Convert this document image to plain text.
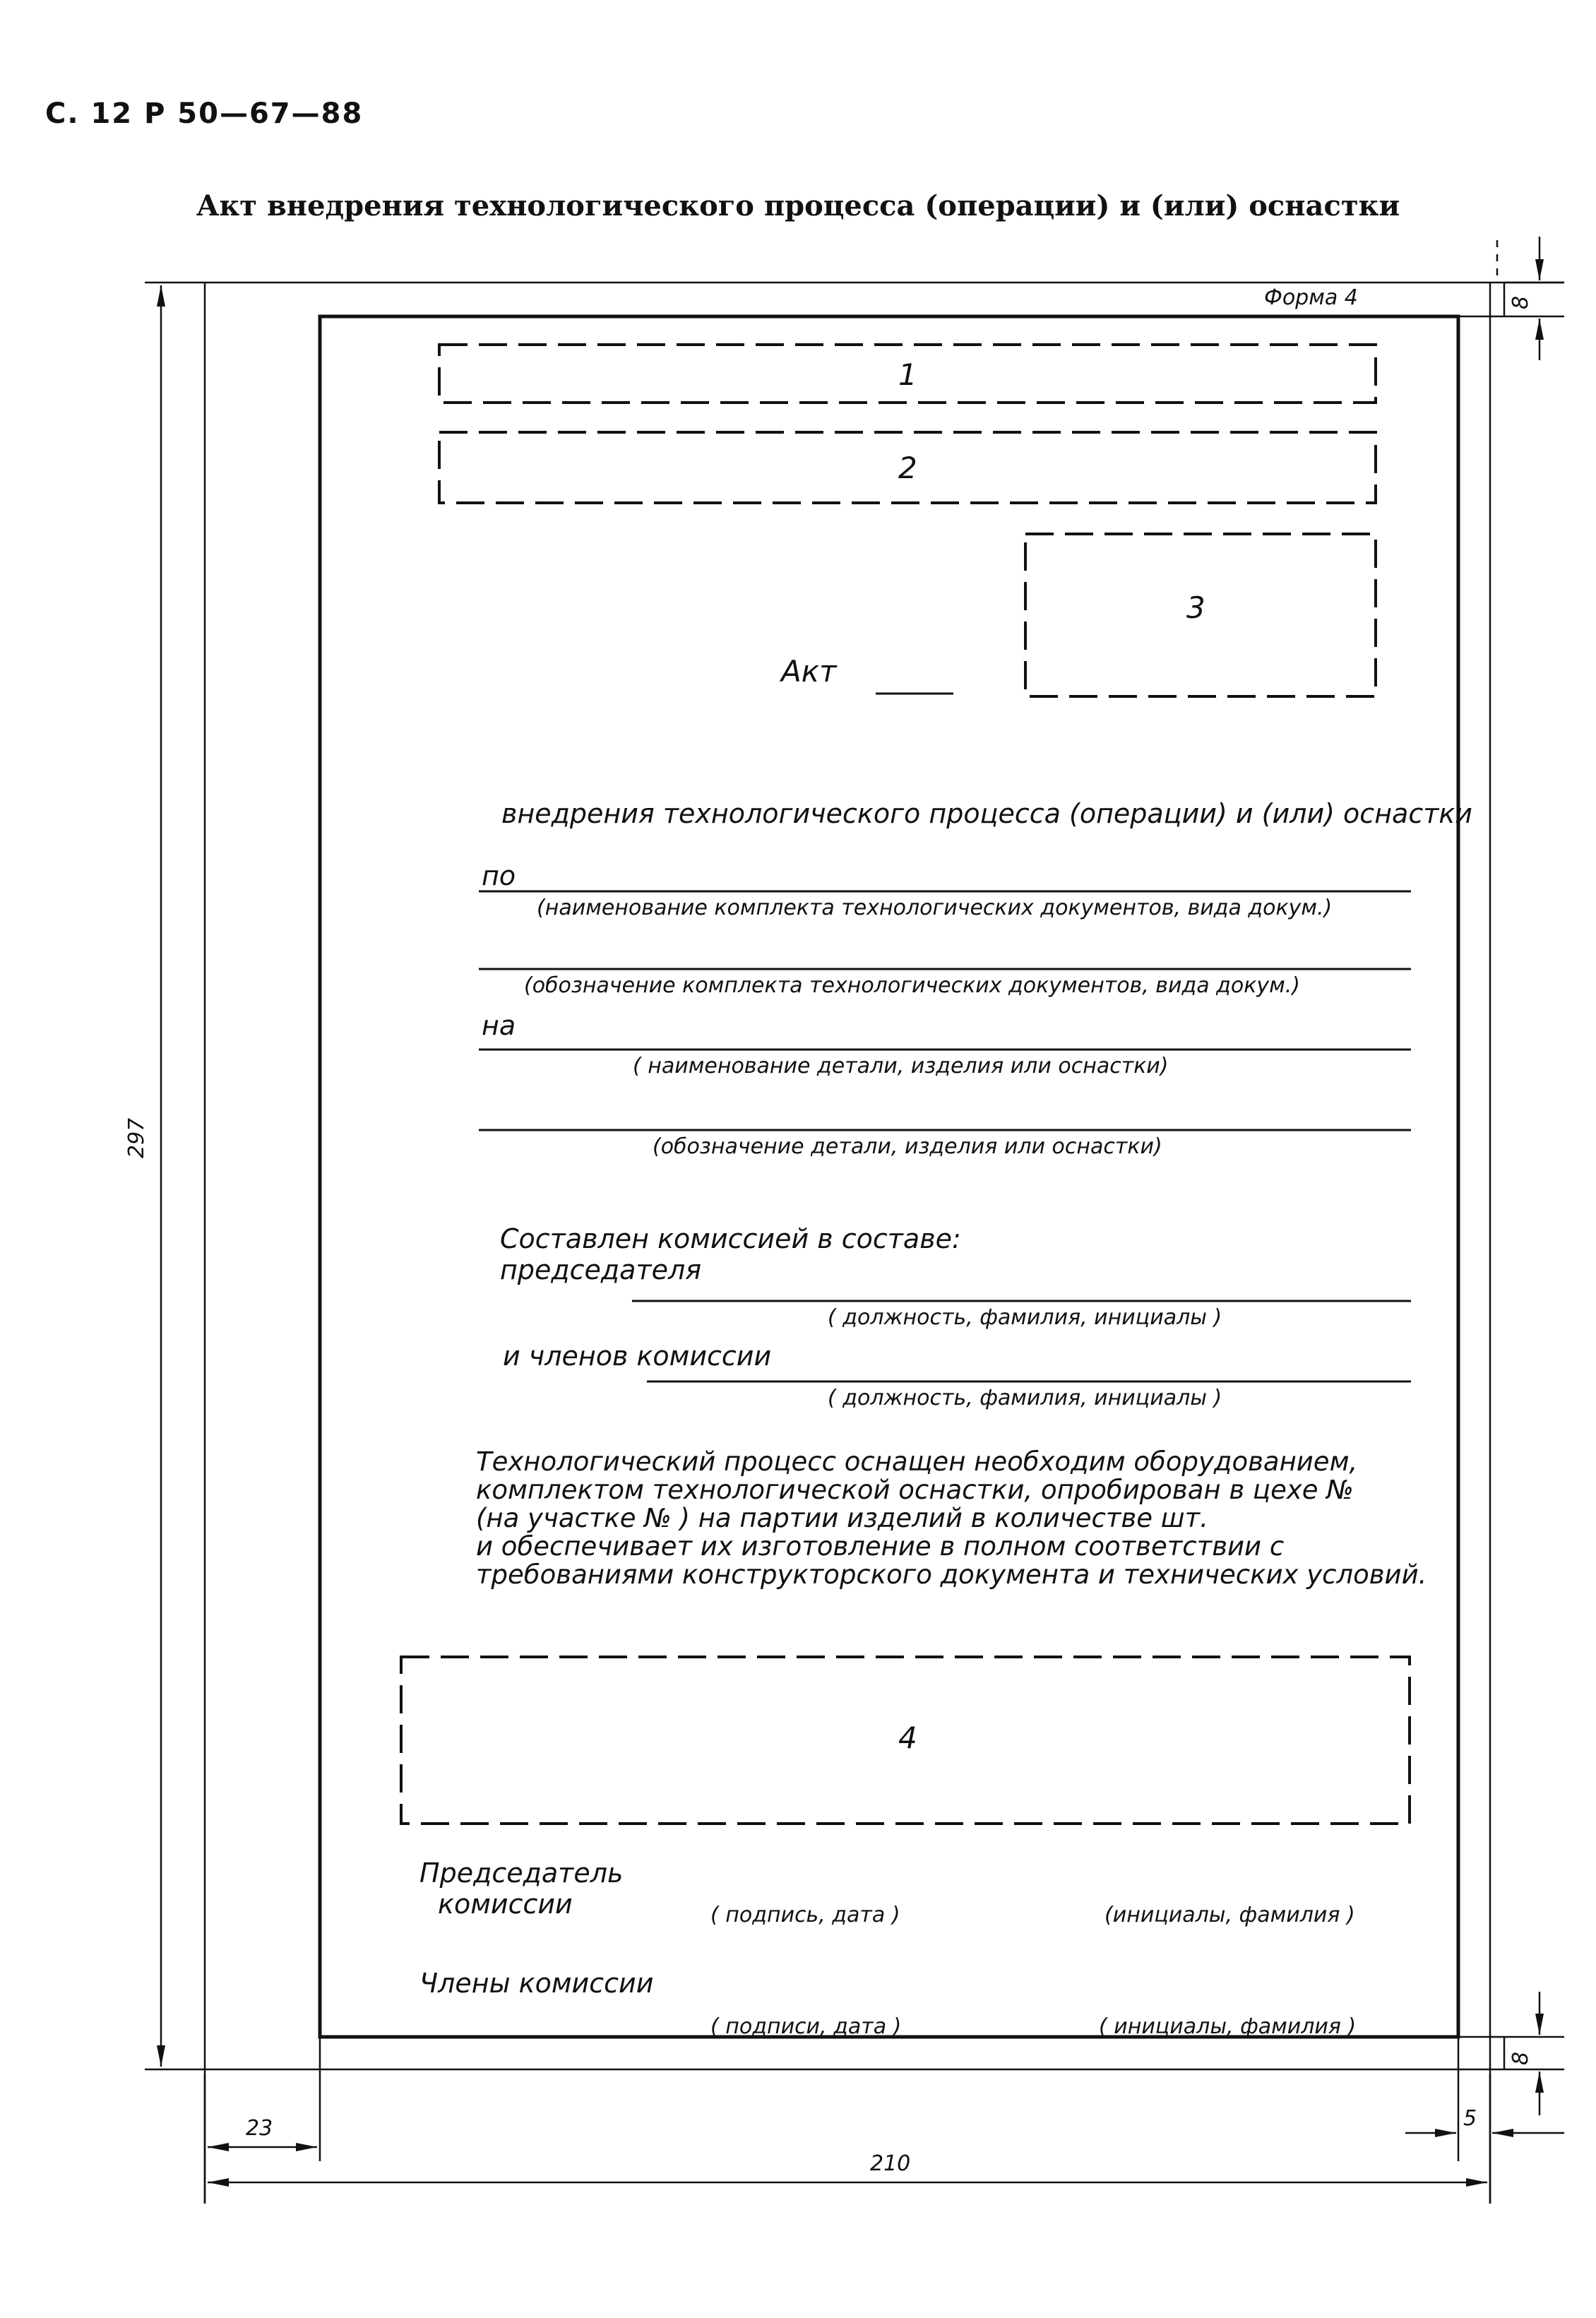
С. 12 Р 50—67—88
Акт внедрения технологического процесса (операции) и (или) оснастки
Форма 4
1
2
3
4
Акт
внедрения технологического процесса (операции) и (или) оснастки
по
(наименование комплекта технологических документов, вида докум.)
(обозначение комплекта технологических документов, вида докум.)
на
( наименование детали, изделия или оснастки)
(обозначение детали, изделия или оснастки)
Составлен комиссией в составе:
председателя
( должность, фамилия, инициалы )
и членов комиссии
( должность, фамилия, инициалы )
Технологический процесс оснащен необходим оборудованием,
комплектом технологической оснастки, опробирован в цехе №
(на участке № ) на партии изделий в количестве шт.
и обеспечивает их изготовление в полном соответствии с
требованиями конструкторского документа и технических условий.
Председатель
комиссии	( подпись, дата )	(инициалы, фамилия )
Члены комиссии
( подписи, дата )	( инициалы, фамилия )
297
210
23	5
8
8
